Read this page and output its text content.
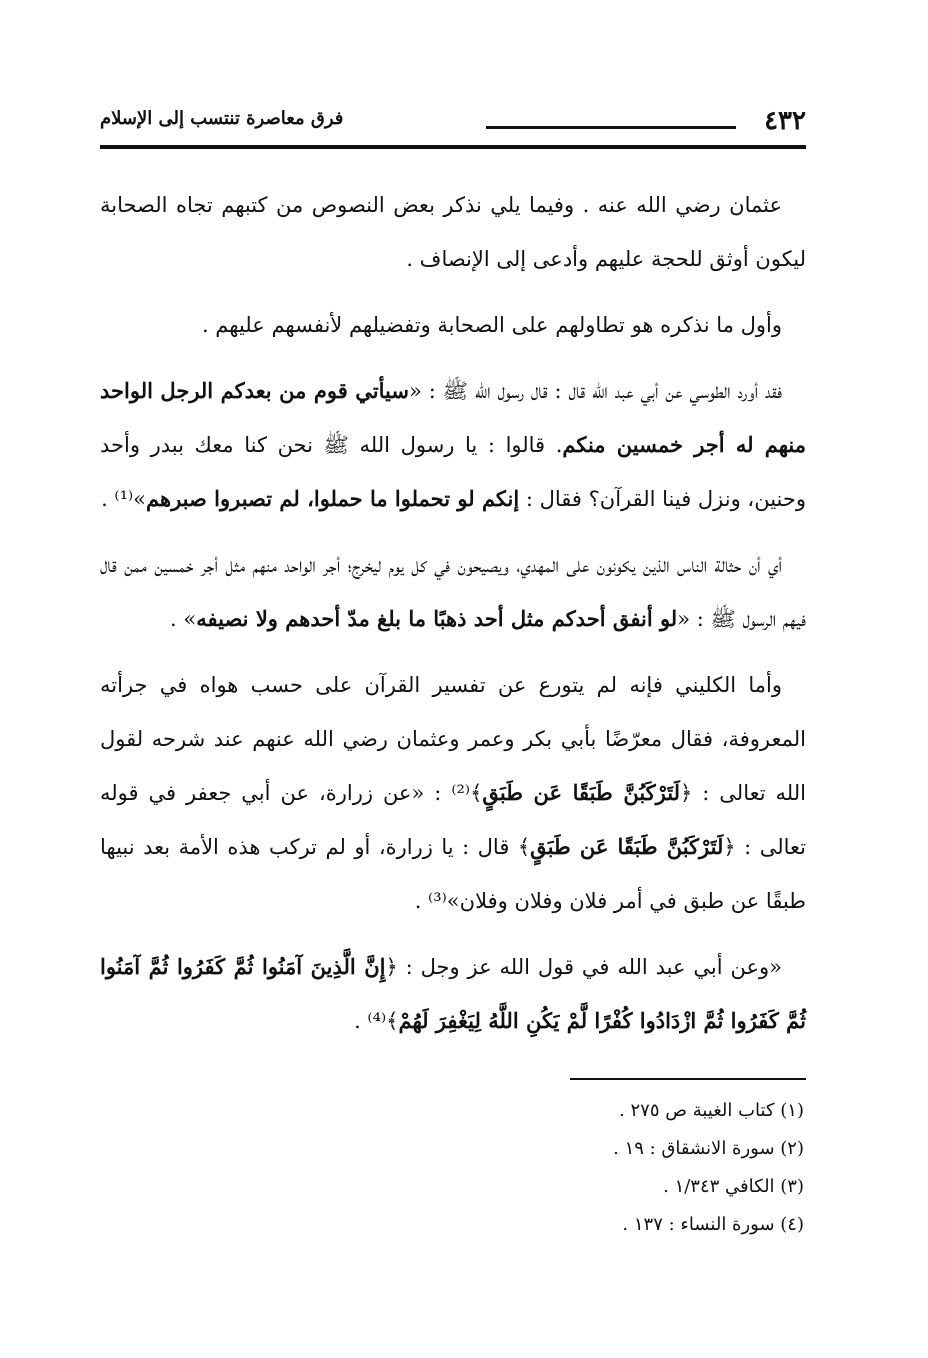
٤٣٢
فرق معاصرة تنتسب إلى الإسلام

عثمان رضي الله عنه . وفيما يلي نذكر بعض النصوص من كتبهم تجاه الصحابة ليكون أوثق للحجة عليهم وأدعى إلى الإنصاف .

وأول ما نذكره هو تطاولهم على الصحابة وتفضيلهم لأنفسهم عليهم .

فقد أورد الطوسي عن أبي عبد الله قال : قال رسول الله ﷺ : «سيأتي قوم من بعدكم الرجل الواحد منهم له أجر خمسين منكم. قالوا : يا رسول الله ﷺ نحن كنا معك ببدر وأحد وحنين، ونزل فينا القرآن؟ فقال : إنكم لو تحملوا ما حملوا، لم تصبروا صبرهم»⁽¹⁾ .

أي أن حثالة الناس الذين يكونون على المهدي، ويصيحون في كل يوم ليخرج؛ أجر الواحد منهم مثل أجر خمسين ممن قال فيهم الرسول ﷺ : «لو أنفق أحدكم مثل أحد ذهبًا ما بلغ مدّ أحدهم ولا نصيفه» .

وأما الكليني فإنه لم يتورع عن تفسير القرآن على حسب هواه في جرأته المعروفة، فقال معرّضًا بأبي بكر وعمر وعثمان رضي الله عنهم عند شرحه لقول الله تعالى : ﴿لَتَرْكَبُنَّ طَبَقًا عَن طَبَقٍ﴾⁽²⁾ : «عن زرارة، عن أبي جعفر في قوله تعالى : ﴿لَتَرْكَبُنَّ طَبَقًا عَن طَبَقٍ﴾ قال : يا زرارة، أو لم تركب هذه الأمة بعد نبيها طبقًا عن طبق في أمر فلان وفلان وفلان»⁽³⁾ .

«وعن أبي عبد الله في قول الله عز وجل : ﴿إِنَّ الَّذِينَ آمَنُوا ثُمَّ كَفَرُوا ثُمَّ آمَنُوا ثُمَّ كَفَرُوا ثُمَّ ازْدَادُوا كُفْرًا لَّمْ يَكُنِ اللَّهُ لِيَغْفِرَ لَهُمْ﴾⁽⁴⁾ .

(١) كتاب الغيبة ص ٢٧٥ .
(٢) سورة الانشقاق : ١٩ .
(٣) الكافي ١/٣٤٣ .
(٤) سورة النساء : ١٣٧ .
